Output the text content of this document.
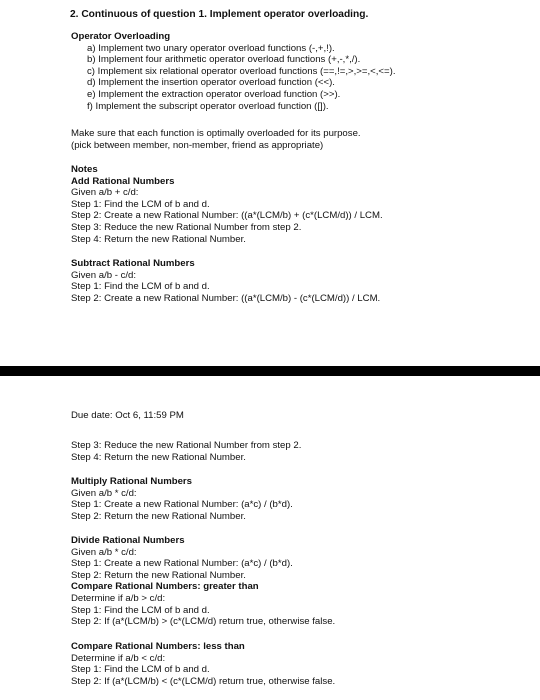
2. Continuous of question 1. Implement operator overloading.
Operator Overloading
a) Implement two unary operator overload functions (-,+,!).
b) Implement four arithmetic operator overload functions (+,-,*,/).
c) Implement six relational operator overload functions (==,!=,>,>=,<,<=).
d) Implement the insertion operator overload function (<<).
e) Implement the extraction operator overload function (>>).
f) Implement the subscript operator overload function ([]).
Make sure that each function is optimally overloaded for its purpose.
(pick between member, non-member, friend as appropriate)
Notes
Add Rational Numbers
Given a/b + c/d:
Step 1: Find the LCM of b and d.
Step 2: Create a new Rational Number: ((a*(LCM/b) + (c*(LCM/d)) / LCM.
Step 3: Reduce the new Rational Number from step 2.
Step 4: Return the new Rational Number.
Subtract Rational Numbers
Given a/b - c/d:
Step 1: Find the LCM of b and d.
Step 2: Create a new Rational Number: ((a*(LCM/b) - (c*(LCM/d)) / LCM.
Due date: Oct 6, 11:59 PM
Step 3: Reduce the new Rational Number from step 2.
Step 4: Return the new Rational Number.
Multiply Rational Numbers
Given a/b * c/d:
Step 1: Create a new Rational Number: (a*c) / (b*d).
Step 2: Return the new Rational Number.
Divide Rational Numbers
Given a/b * c/d:
Step 1: Create a new Rational Number: (a*c) / (b*d).
Step 2: Return the new Rational Number.
Compare Rational Numbers: greater than
Determine if a/b > c/d:
Step 1: Find the LCM of b and d.
Step 2: If (a*(LCM/b) > (c*(LCM/d) return true, otherwise false.
Compare Rational Numbers: less than
Determine if a/b < c/d:
Step 1: Find the LCM of b and d.
Step 2: If (a*(LCM/b) < (c*(LCM/d) return true, otherwise false.
